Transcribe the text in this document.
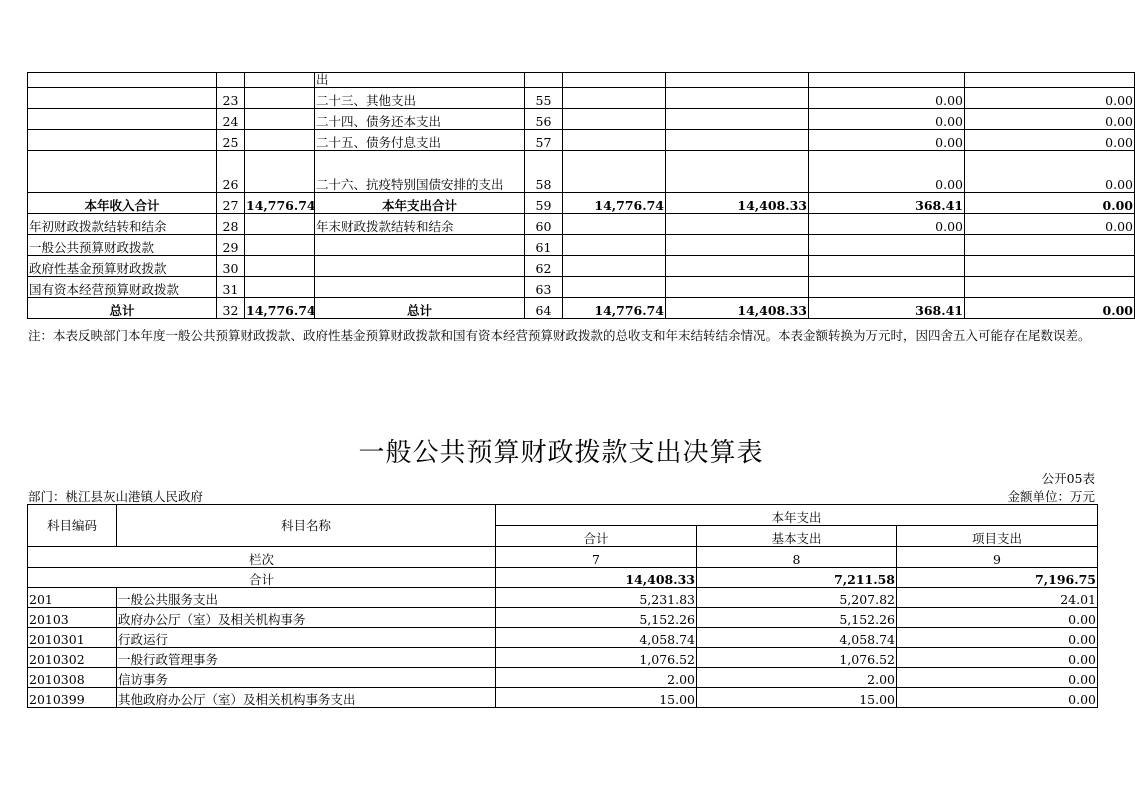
			出					
	23		二十三、其他支出	55			0.00	0.00
	24		二十四、债务还本支出	56			0.00	0.00
	25		二十五、债务付息支出	57			0.00	0.00
	26		二十六、抗疫特别国债安排的支出	58			0.00	0.00
本年收入合计	27	14,776.74	本年支出合计	59	14,776.74	14,408.33	368.41	0.00
年初财政拨款结转和结余	28		年末财政拨款结转和结余	60			0.00	0.00
一般公共预算财政拨款	29			61				
政府性基金预算财政拨款	30			62				
国有资本经营预算财政拨款	31			63				
总计	32	14,776.74	总计	64	14,776.74	14,408.33	368.41	0.00
注：本表反映部门本年度一般公共预算财政拨款、政府性基金预算财政拨款和国有资本经营预算财政拨款的总收支和年末结转结余情况。本表金额转换为万元时，因四舍五入可能存在尾数误差。
一般公共预算财政拨款支出决算表
公开05表
部门：桃江县灰山港镇人民政府	金额单位：万元
科目编码	科目名称	本年支出		
		合计	基本支出	项目支出
栏次		7	8	9
合计		14,408.33	7,211.58	7,196.75
201	一般公共服务支出	5,231.83	5,207.82	24.01
20103	政府办公厅（室）及相关机构事务	5,152.26	5,152.26	0.00
2010301	行政运行	4,058.74	4,058.74	0.00
2010302	一般行政管理事务	1,076.52	1,076.52	0.00
2010308	信访事务	2.00	2.00	0.00
2010399	其他政府办公厅（室）及相关机构事务支出	15.00	15.00	0.00
